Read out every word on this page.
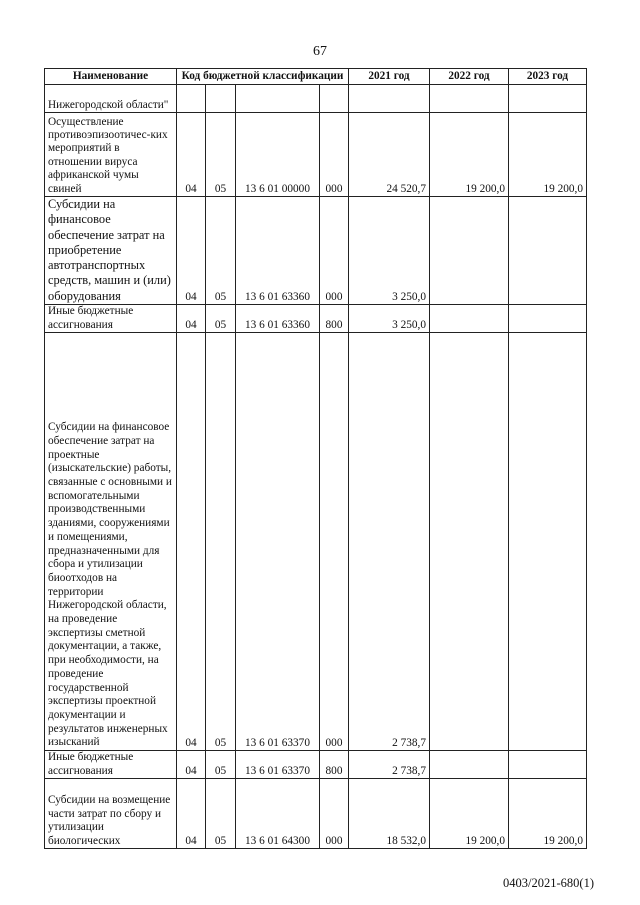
67
Наименование	Код бюджетной классификации				2021 год	2022 год	2023 год
Нижегородской области"							
Осуществление противоэпизоотичес-ких мероприятий в отношении вируса африканской чумы свиней	04	05	13 6 01 00000	000	24 520,7	19 200,0	19 200,0
Субсидии на финансовое обеспечение затрат на приобретение автотранспортных средств, машин и (или) оборудования	04	05	13 6 01 63360	000	3 250,0		
Иные бюджетные ассигнования	04	05	13 6 01 63360	800	3 250,0		
Субсидии на финансовое обеспечение затрат на проектные (изыскательские) работы, связанные с основными и вспомогательными производственными зданиями, сооружениями и помещениями, предназначенными для сбора и утилизации биоотходов на территории Нижегородской области, на проведение экспертизы сметной документации, а также, при необходимости, на проведение государственной экспертизы проектной документации и результатов инженерных изысканий	04	05	13 6 01 63370	000	2 738,7		
Иные бюджетные ассигнования	04	05	13 6 01 63370	800	2 738,7		
Субсидии на возмещение части затрат по сбору и утилизации биологических	04	05	13 6 01 64300	000	18 532,0	19 200,0	19 200,0
0403/2021-680(1)
